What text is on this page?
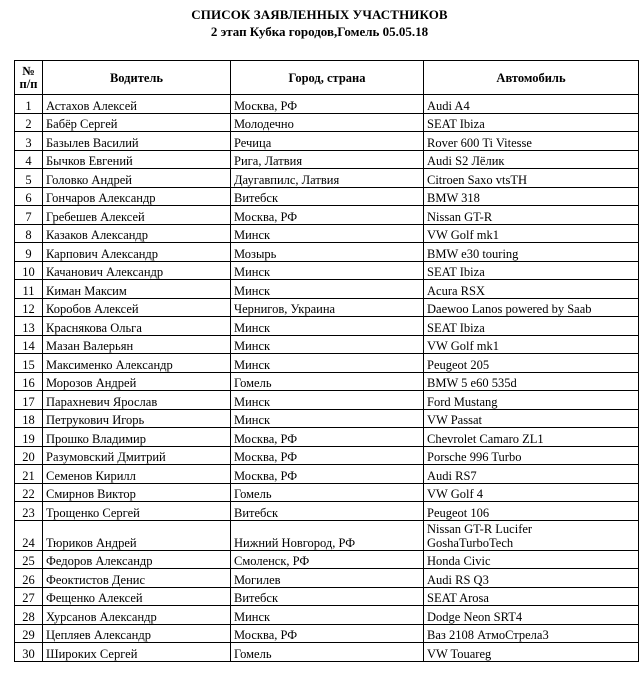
СПИСОК ЗАЯВЛЕННЫХ УЧАСТНИКОВ
2 этап Кубка городов,Гомель 05.05.18
№
п/п	Водитель	Город, страна	Автомобиль

1	Астахов Алексей	Москва, РФ	Audi A4
2	Бабёр Сергей	Молодечно	SEAT Ibiza
3	Базылев Василий	Речица	Rover 600 Ti Vitesse
4	Бычков Евгений	Рига, Латвия	Audi S2 Лёлик
5	Головко Андрей	Даугавпилс, Латвия	Citroen Saxo vtsTH
6	Гончаров Александр	Витебск	BMW 318
7	Гребешев Алексей	Москва, РФ	Nissan GT-R
8	Казаков Александр	Минск	VW Golf mk1
9	Карпович Александр	Мозырь	BMW e30 touring
10	Качанович Александр	Минск	SEAT Ibiza
11	Киман Максим	Минск	Acura RSX
12	Коробов Алексей	Чернигов, Украина	Daewoo Lanos powered by Saab
13	Краснякова Ольга	Минск	SEAT Ibiza
14	Мазан Валерьян	Минск	VW Golf mk1
15	Максименко Александр	Минск	Peugeot 205
16	Морозов Андрей	Гомель	BMW 5 e60 535d
17	Парахневич Ярослав	Минск	Ford Mustang
18	Петрукович Игорь	Минск	VW Passat
19	Прошко Владимир	Москва, РФ	Chevrolet Camaro ZL1
20	Разумовский Дмитрий	Москва, РФ	Porsche 996 Turbo
21	Семенов Кирилл	Москва, РФ	Audi RS7
22	Смирнов Виктор	Гомель	VW Golf 4
23	Трощенко Сергей	Витебск	Peugeot 106
24	Тюриков Андрей	Нижний Новгород, РФ	Nissan GT-R Lucifer
GoshaTurboTech
25	Федоров Александр	Смоленск, РФ	Honda Civic
26	Феоктистов Денис	Могилев	Audi RS Q3
27	Фещенко Алексей	Витебск	SEAT Arosa
28	Хурсанов Александр	Минск	Dodge Neon SRT4
29	Цепляев Александр	Москва, РФ	Ваз 2108 АтмоСтрела3
30	Широких Сергей	Гомель	VW Touareg
